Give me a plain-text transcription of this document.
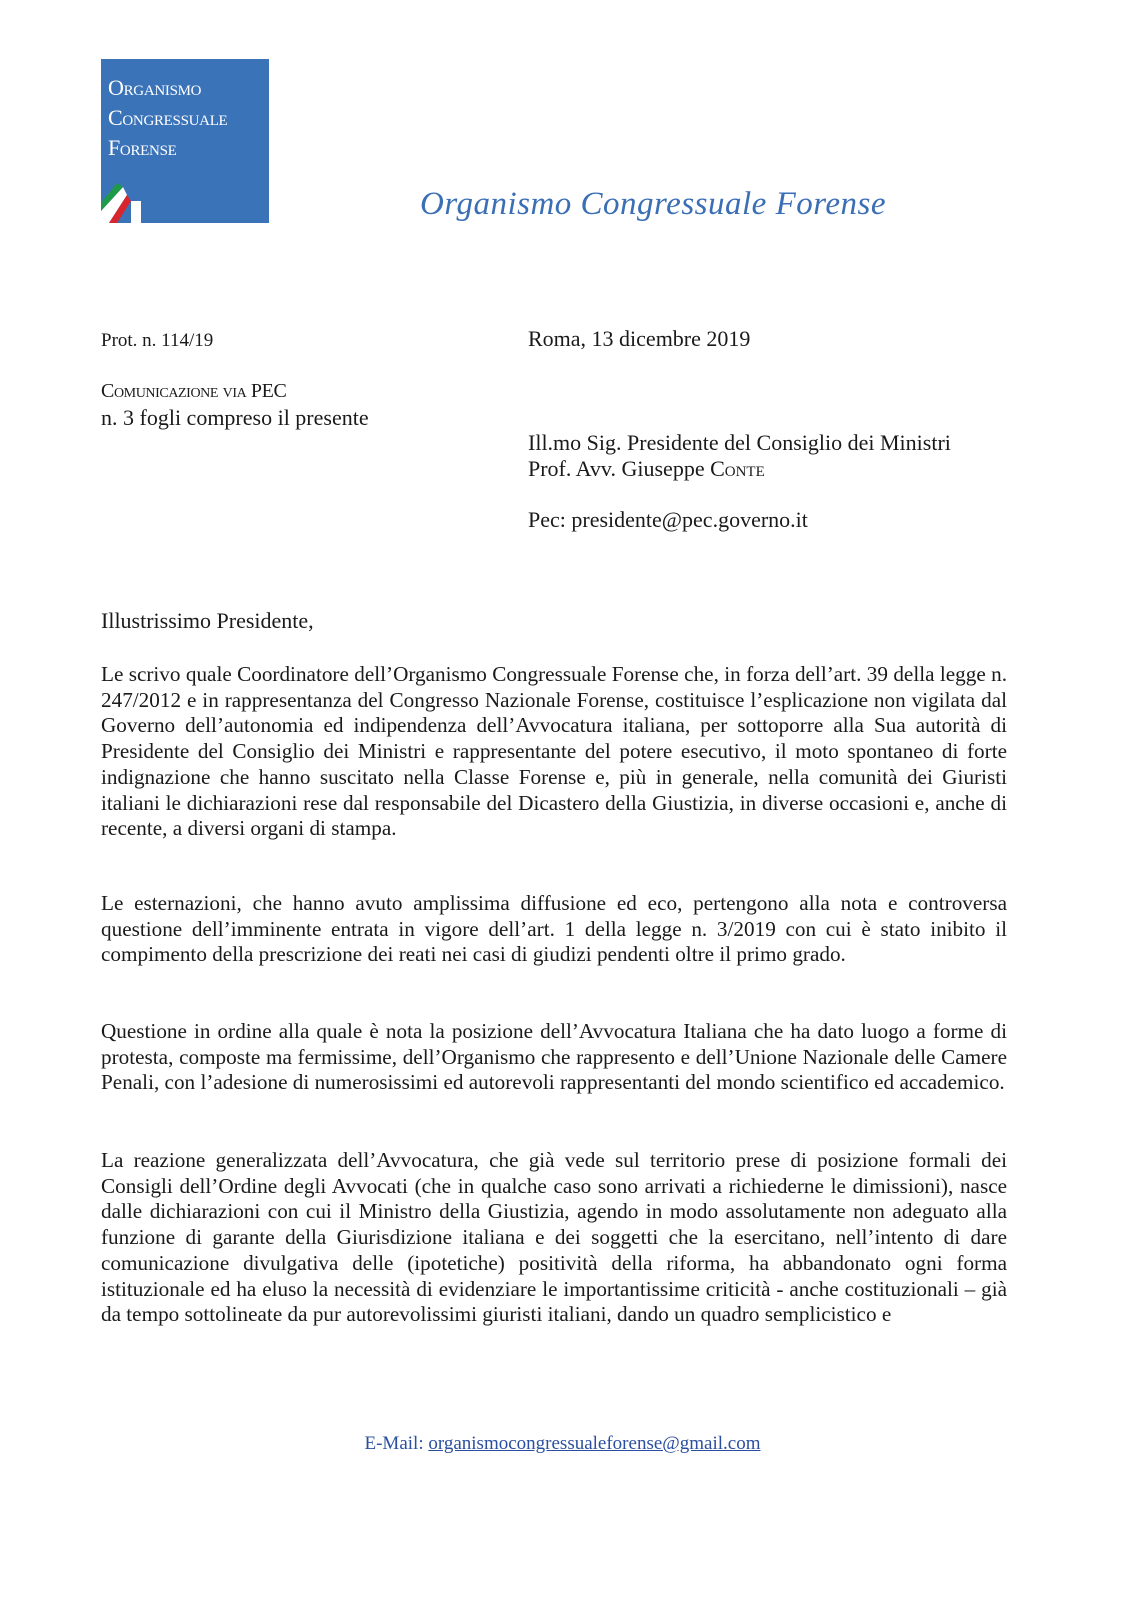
Organismo
Congressuale
Forense
Organismo Congressuale Forense
Prot. n. 114/19	Roma, 13 dicembre 2019
Comunicazione via PEC
n. 3 fogli compreso il presente
Ill.mo Sig. Presidente del Consiglio dei Ministri
Prof. Avv. Giuseppe Conte
Pec: presidente@pec.governo.it
Illustrissimo Presidente,

Le scrivo quale Coordinatore dell’Organismo Congressuale Forense che, in forza dell’art. 39 della legge n. 247/2012 e in rappresentanza del Congresso Nazionale Forense, costituisce l’esplicazione non vigilata dal Governo dell’autonomia ed indipendenza dell’Avvocatura italiana, per sottoporre alla Sua autorità di Presidente del Consiglio dei Ministri e rappresentante del potere esecutivo, il moto spontaneo di forte indignazione che hanno suscitato nella Classe Forense e, più in generale, nella comunità dei Giuristi italiani le dichiarazioni rese dal responsabile del Dicastero della Giustizia, in diverse occasioni e, anche di recente, a diversi organi di stampa.

Le esternazioni, che hanno avuto amplissima diffusione ed eco, pertengono alla nota e controversa questione dell’imminente entrata in vigore dell’art. 1 della legge n. 3/2019 con cui è stato inibito il compimento della prescrizione dei reati nei casi di giudizi pendenti oltre il primo grado.

Questione in ordine alla quale è nota la posizione dell’Avvocatura Italiana che ha dato luogo a forme di protesta, composte ma fermissime, dell’Organismo che rappresento e dell’Unione Nazionale delle Camere Penali, con l’adesione di numerosissimi ed autorevoli rappresentanti del mondo scientifico ed accademico.

La reazione generalizzata dell’Avvocatura, che già vede sul territorio prese di posizione formali dei Consigli dell’Ordine degli Avvocati (che in qualche caso sono arrivati a richiederne le dimissioni), nasce dalle dichiarazioni con cui il Ministro della Giustizia, agendo in modo assolutamente non adeguato alla funzione di garante della Giurisdizione italiana e dei soggetti che la esercitano, nell’intento di dare comunicazione divulgativa delle (ipotetiche) positività della riforma, ha abbandonato ogni forma istituzionale ed ha eluso la necessità di evidenziare le importantissime criticità - anche costituzionali – già da tempo sottolineate da pur autorevolissimi giuristi italiani, dando un quadro semplicistico e

E-Mail: organismocongressualeforense@gmail.com
